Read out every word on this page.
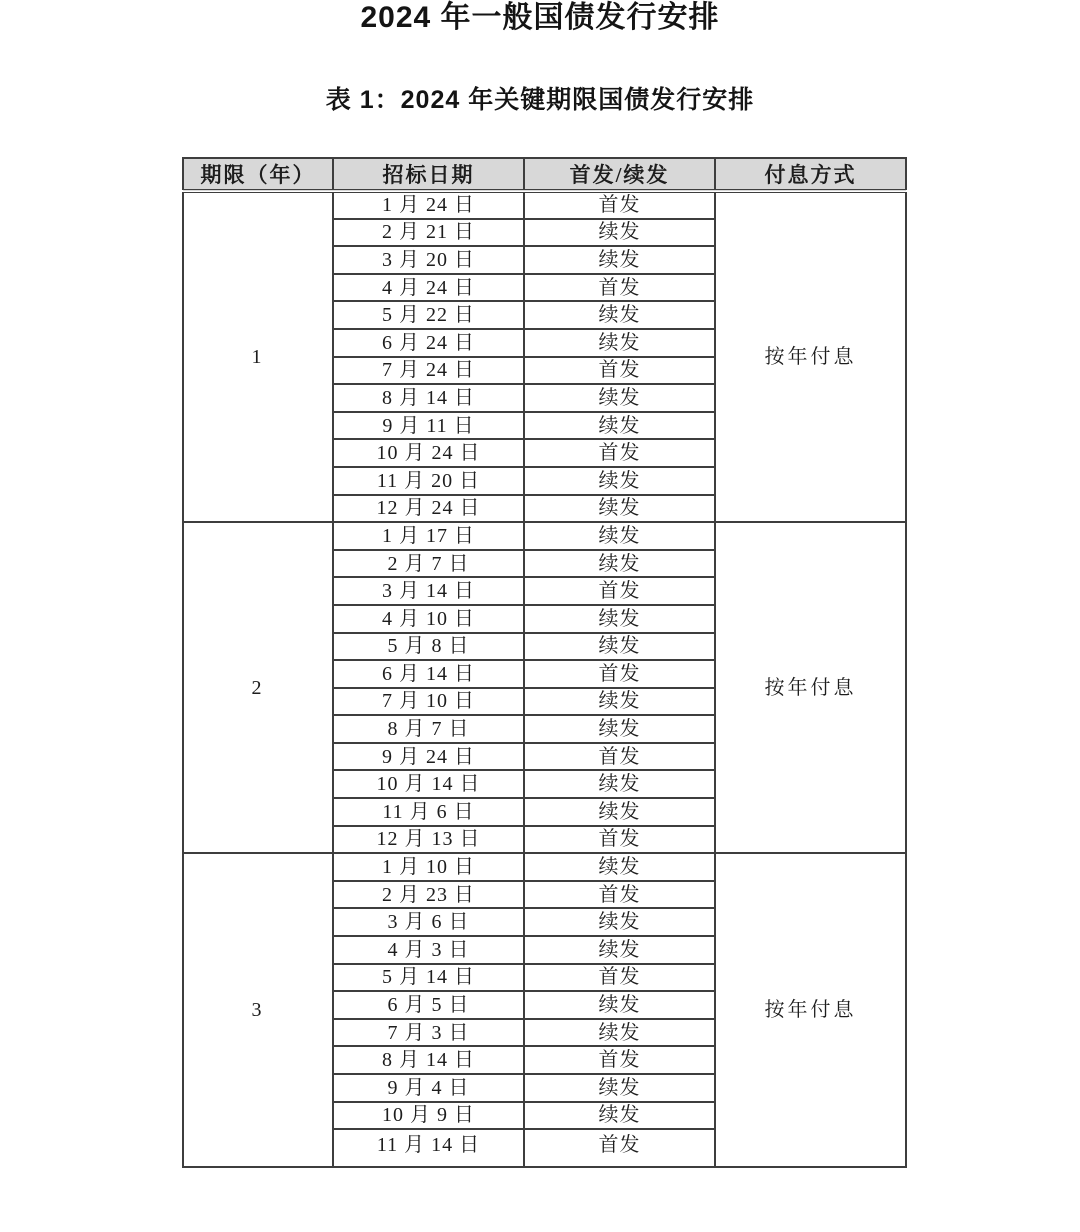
2024 年一般国债发行安排
表 1：2024 年关键期限国债发行安排
期限（年）	招标日期	首发/续发	付息方式
1	1 月 24 日	首发	按年付息
	2 月 21 日	续发	
	3 月 20 日	续发	
	4 月 24 日	首发	
	5 月 22 日	续发	
	6 月 24 日	续发	
	7 月 24 日	首发	
	8 月 14 日	续发	
	9 月 11 日	续发	
	10 月 24 日	首发	
	11 月 20 日	续发	
	12 月 24 日	续发	
2	1 月 17 日	续发	按年付息
	2 月 7 日	续发	
	3 月 14 日	首发	
	4 月 10 日	续发	
	5 月 8 日	续发	
	6 月 14 日	首发	
	7 月 10 日	续发	
	8 月 7 日	续发	
	9 月 24 日	首发	
	10 月 14 日	续发	
	11 月 6 日	续发	
	12 月 13 日	首发	
3	1 月 10 日	续发	按年付息
	2 月 23 日	首发	
	3 月 6 日	续发	
	4 月 3 日	续发	
	5 月 14 日	首发	
	6 月 5 日	续发	
	7 月 3 日	续发	
	8 月 14 日	首发	
	9 月 4 日	续发	
	10 月 9 日	续发	
	11 月 14 日	首发	
